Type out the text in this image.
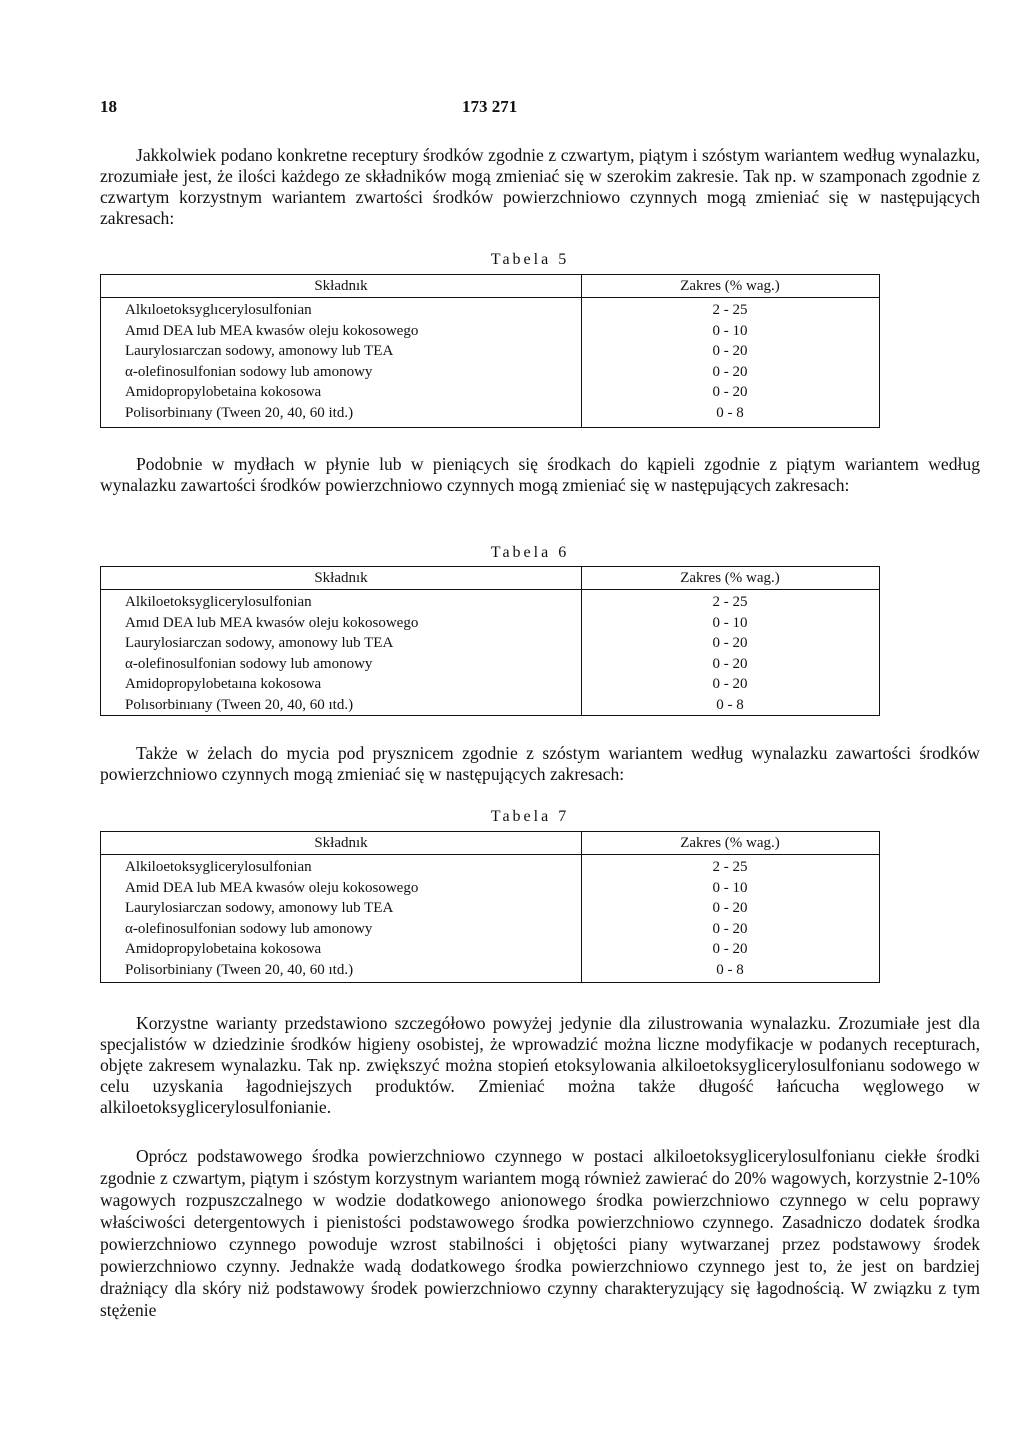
18	173 271

Jakkolwiek podano konkretne receptury środków zgodnie z czwartym, piątym i szóstym wariantem według wynalazku, zrozumiałe jest, że ilości każdego ze składników mogą zmieniać się w szerokim zakresie. Tak np. w szamponach zgodnie z czwartym korzystnym wariantem zwartości środków powierzchniowo czynnych mogą zmieniać się w następujących zakresach:

Tabela 5
Składnık	Zakres (% wag.)
Alkıloetoksyglıcerylosulfonian	2 - 25
Amıd DEA lub MEA kwasów oleju kokosowego	0 - 10
Laurylosıarczan sodowy, amonowy lub TEA	0 - 20
α-olefinosulfonian sodowy lub amonowy	0 - 20
Amidopropylobetaina kokosowa	0 - 20
Polisorbinıany (Tween 20, 40, 60 itd.)	0 - 8

Podobnie w mydłach w płynie lub w pieniących się środkach do kąpieli zgodnie z piątym wariantem według wynalazku zawartości środków powierzchniowo czynnych mogą zmieniać się w następujących zakresach:

Tabela 6
Składnık	Zakres (% wag.)
Alkiloetoksyglicerylosulfonian	2 - 25
Amıd DEA lub MEA kwasów oleju kokosowego	0 - 10
Laurylosiarczan sodowy, amonowy lub TEA	0 - 20
α-olefinosulfonian sodowy lub amonowy	0 - 20
Amidopropylobetaına kokosowa	0 - 20
Polısorbinıany (Tween 20, 40, 60 ıtd.)	0 - 8

Także w żelach do mycia pod prysznicem zgodnie z szóstym wariantem według wynalazku zawartości środków powierzchniowo czynnych mogą zmieniać się w następujących zakresach:

Tabela 7
Składnık	Zakres (% wag.)
Alkiloetoksyglicerylosulfonian	2 - 25
Amid DEA lub MEA kwasów oleju kokosowego	0 - 10
Laurylosiarczan sodowy, amonowy lub TEA	0 - 20
α-olefinosulfonian sodowy lub amonowy	0 - 20
Amidopropylobetaina kokosowa	0 - 20
Polisorbiniany (Tween 20, 40, 60 ıtd.)	0 - 8

Korzystne warianty przedstawiono szczegółowo powyżej jedynie dla zilustrowania wynalazku. Zrozumiałe jest dla specjalistów w dziedzinie środków higieny osobistej, że wprowadzić można liczne modyfikacje w podanych recepturach, objęte zakresem wynalazku. Tak np. zwiększyć można stopień etoksylowania alkiloetoksyglicerylosulfonianu sodowego w celu uzyskania łagodniejszych produktów. Zmieniać można także długość łańcucha węglowego w alkiloetoksyglicerylosulfonianie.

Oprócz podstawowego środka powierzchniowo czynnego w postaci alkiloetoksyglicerylosulfonianu ciekłe środki zgodnie z czwartym, piątym i szóstym korzystnym wariantem mogą również zawierać do 20% wagowych, korzystnie 2-10% wagowych rozpuszczalnego w wodzie dodatkowego anionowego środka powierzchniowo czynnego w celu poprawy właściwości detergentowych i pienistości podstawowego środka powierzchniowo czynnego. Zasadniczo dodatek środka powierzchniowo czynnego powoduje wzrost stabilności i objętości piany wytwarzanej przez podstawowy środek powierzchniowo czynny. Jednakże wadą dodatkowego środka powierzchniowo czynnego jest to, że jest on bardziej drażniący dla skóry niż podstawowy środek powierzchniowo czynny charakteryzujący się łagodnością. W związku z tym stężenie
